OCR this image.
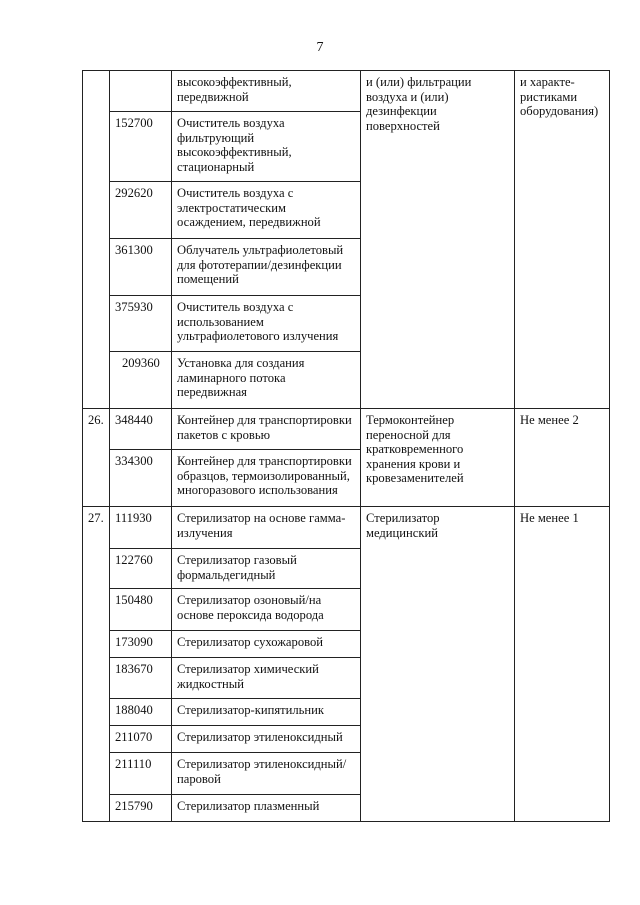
7
		высокоэффективный, передвижной	и (или) фильтрации воздуха и (или) дезинфекции поверхностей	и характе-ристиками оборудования)
	152700	Очиститель воздуха фильтрующий высокоэффективный, стационарный		
	292620	Очиститель воздуха с электростатическим осаждением, передвижной		
	361300	Облучатель ультрафиолетовый для фототерапии/дезинфекции помещений		
	375930	Очиститель воздуха с использованием ультрафиолетового излучения		
	209360	Установка для создания ламинарного потока передвижная		
26.	348440	Контейнер для транспортировки пакетов с кровью	Термоконтейнер переносной для кратковременного хранения крови и кровезаменителей	Не менее 2
	334300	Контейнер для транспортировки образцов, термоизолированный, многоразового использования		
27.	111930	Стерилизатор на основе гамма-излучения	Стерилизатор медицинский	Не менее 1
	122760	Стерилизатор газовый формальдегидный		
	150480	Стерилизатор озоновый/на основе пероксида водорода		
	173090	Стерилизатор сухожаровой		
	183670	Стерилизатор химический жидкостный		
	188040	Стерилизатор-кипятильник		
	211070	Стерилизатор этиленоксидный		
	211110	Стерилизатор этиленоксидный/паровой		
	215790	Стерилизатор плазменный		
